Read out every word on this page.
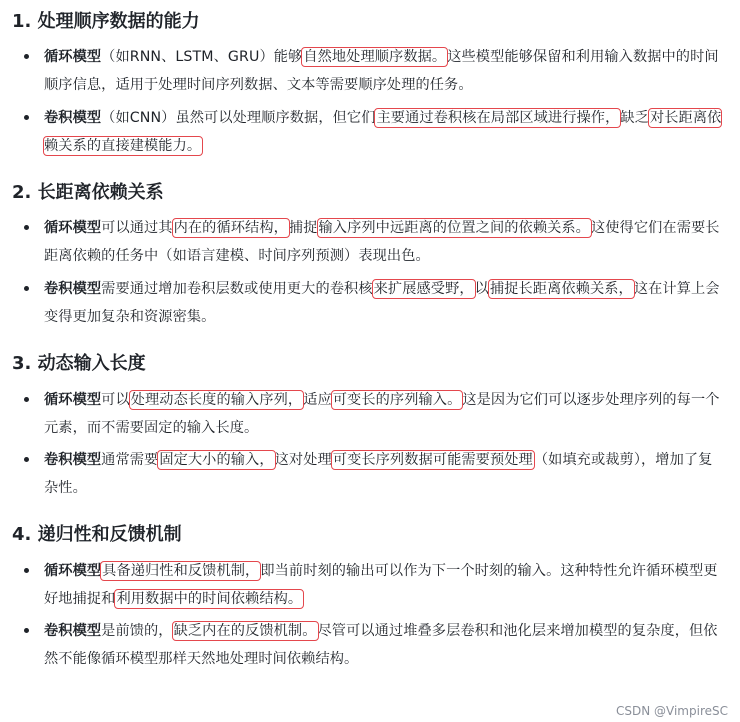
1. 处理顺序数据的能力
循环模型（如RNN、LSTM、GRU）能够自然地处理顺序数据。这些模型能够保留和利用输入数据中的时间顺序信息，适用于处理时间序列数据、文本等需要顺序处理的任务。
卷积模型（如CNN）虽然可以处理顺序数据，但它们主要通过卷积核在局部区域进行操作，缺乏对长距离依赖关系的直接建模能力。
2. 长距离依赖关系
循环模型可以通过其内在的循环结构，捕捉输入序列中远距离的位置之间的依赖关系。这使得它们在需要长距离依赖的任务中（如语言建模、时间序列预测）表现出色。
卷积模型需要通过增加卷积层数或使用更大的卷积核来扩展感受野，以捕捉长距离依赖关系，这在计算上会变得更加复杂和资源密集。
3. 动态输入长度
循环模型可以处理动态长度的输入序列，适应可变长的序列输入。这是因为它们可以逐步处理序列的每一个元素，而不需要固定的输入长度。
卷积模型通常需要固定大小的输入，这对处理可变长序列数据可能需要预处理（如填充或裁剪），增加了复杂性。
4. 递归性和反馈机制
循环模型具备递归性和反馈机制，即当前时刻的输出可以作为下一个时刻的输入。这种特性允许循环模型更好地捕捉和利用数据中的时间依赖结构。
卷积模型是前馈的，缺乏内在的反馈机制。尽管可以通过堆叠多层卷积和池化层来增加模型的复杂度，但依然不能像循环模型那样天然地处理时间依赖结构。
CSDN @VimpireSC
